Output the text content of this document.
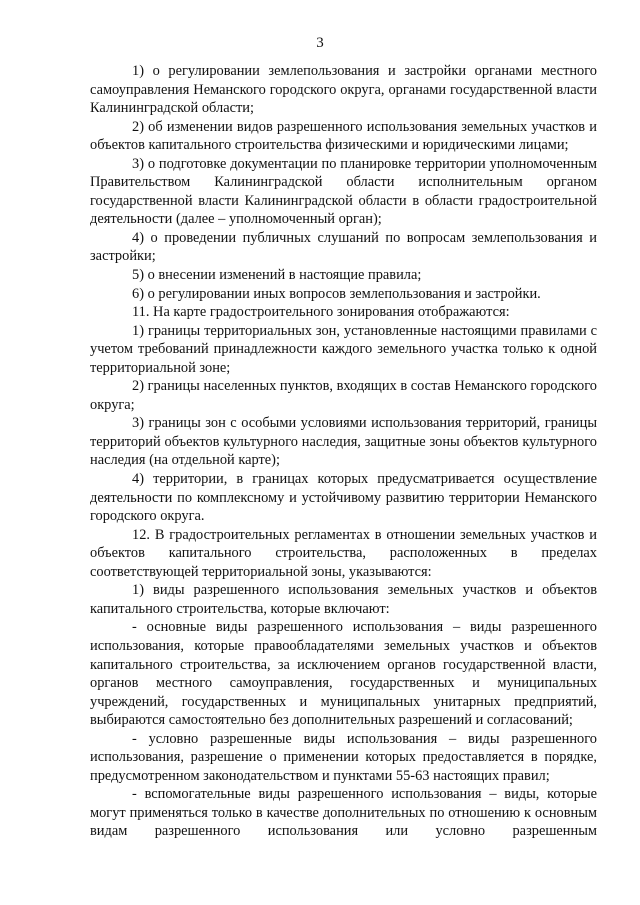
3

1) о регулировании землепользования и застройки органами местного самоуправления Неманского городского округа, органами государственной власти Калининградской области;

2) об изменении видов разрешенного использования земельных участков и объектов капитального строительства физическими и юридическими лицами;

3) о подготовке документации по планировке территории уполномоченным Правительством Калининградской области исполнительным органом государственной власти Калининградской области в области градостроительной деятельности (далее – уполномоченный орган);

4) о проведении публичных слушаний по вопросам землепользования и застройки;

5) о внесении изменений в настоящие правила;

6) о регулировании иных вопросов землепользования и застройки.

11. На карте градостроительного зонирования отображаются:

1) границы территориальных зон, установленные настоящими правилами с учетом требований принадлежности каждого земельного участка только к одной территориальной зоне;

2) границы населенных пунктов, входящих в состав Неманского городского округа;

3) границы зон с особыми условиями использования территорий, границы территорий объектов культурного наследия, защитные зоны объектов культурного наследия (на отдельной карте);

4) территории, в границах которых предусматривается осуществление деятельности по комплексному и устойчивому развитию территории Неманского городского округа.

12. В градостроительных регламентах в отношении земельных участков и объектов капитального строительства, расположенных в пределах соответствующей территориальной зоны, указываются:

1) виды разрешенного использования земельных участков и объектов капитального строительства, которые включают:

- основные виды разрешенного использования – виды разрешенного использования, которые правообладателями земельных участков и объектов капитального строительства, за исключением органов государственной власти, органов местного самоуправления, государственных и муниципальных учреждений, государственных и муниципальных унитарных предприятий, выбираются самостоятельно без дополнительных разрешений и согласований;

- условно разрешенные виды использования – виды разрешенного использования, разрешение о применении которых предоставляется в порядке, предусмотренном законодательством и пунктами 55-63 настоящих правил;

- вспомогательные виды разрешенного использования – виды, которые могут применяться только в качестве дополнительных по отношению к основным видам разрешенного использования или условно разрешенным
